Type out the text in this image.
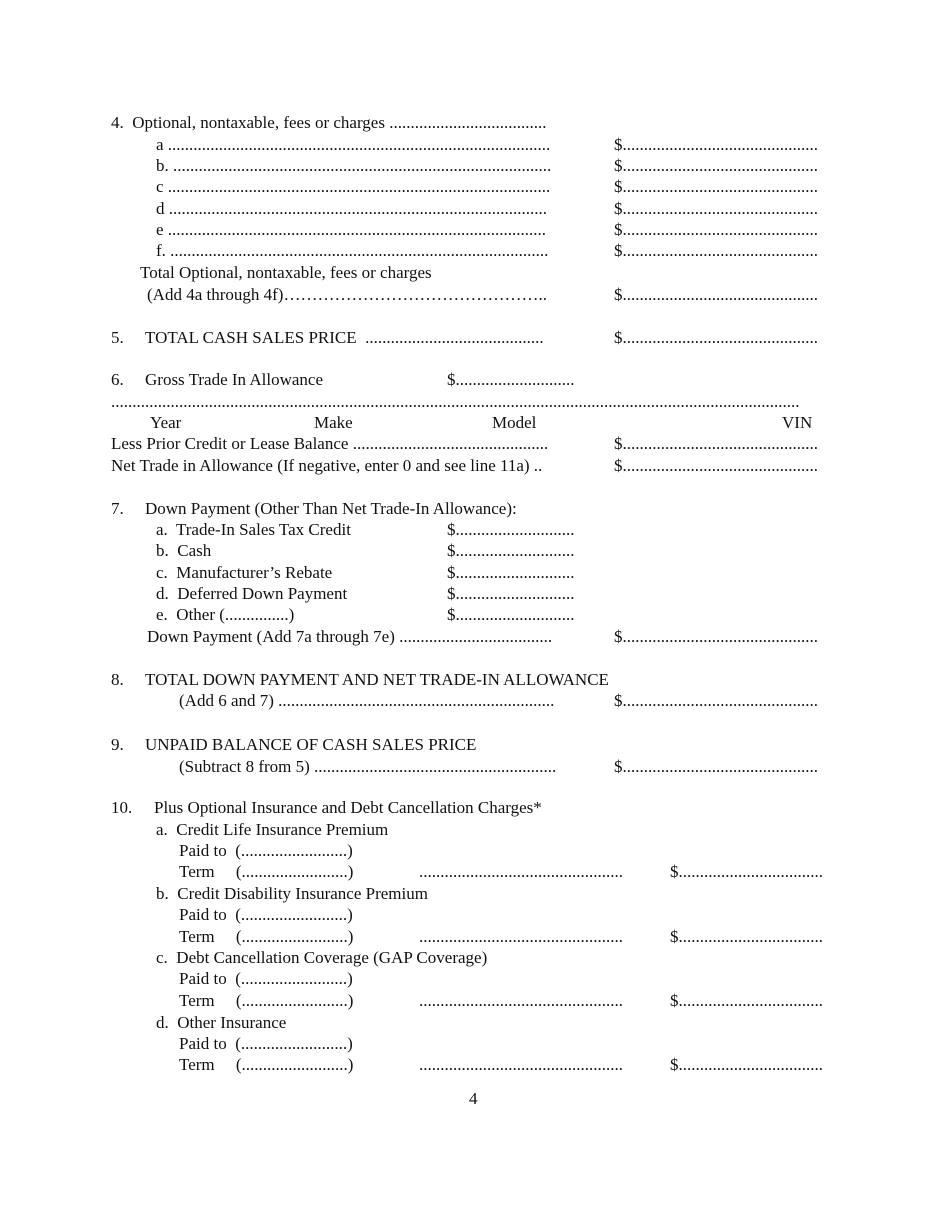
4.  Optional, nontaxable, fees or charges .....................................
a ..........................................................................................	$..............................................
b. .........................................................................................	$..............................................
c ..........................................................................................	$..............................................
d .........................................................................................	$..............................................
e .........................................................................................	$..............................................
f. .........................................................................................	$..............................................
Total Optional, nontaxable, fees or charges
(Add 4a through 4f)………………………………………..	$..............................................
5. TOTAL CASH SALES PRICE  ..........................................	$..............................................
6. Gross Trade In Allowance	$............................
..................................................................................................................................................................
Year	Make	Model	VIN
Less Prior Credit or Lease Balance ..............................................	$..............................................
Net Trade in Allowance (If negative, enter 0 and see line 11a) ..	$..............................................
7. Down Payment (Other Than Net Trade-In Allowance):
a.  Trade-In Sales Tax Credit	$............................
b.  Cash	$............................
c.  Manufacturer’s Rebate	$............................
d.  Deferred Down Payment	$............................
e.  Other (...............)	$............................
Down Payment (Add 7a through 7e) ....................................	$..............................................
8. TOTAL DOWN PAYMENT AND NET TRADE-IN ALLOWANCE
(Add 6 and 7) .................................................................	$..............................................
9. UNPAID BALANCE OF CASH SALES PRICE
(Subtract 8 from 5) .........................................................	$..............................................
10. Plus Optional Insurance and Debt Cancellation Charges*
a.  Credit Life Insurance Premium
Paid to  (.........................)
Term     (.........................)	................................................	$..................................
b.  Credit Disability Insurance Premium
Paid to  (.........................)
Term     (.........................)	................................................	$..................................
c.  Debt Cancellation Coverage (GAP Coverage)
Paid to  (.........................)
Term     (.........................)	................................................	$..................................
d.  Other Insurance
Paid to  (.........................)
Term     (.........................)	................................................	$..................................
4
